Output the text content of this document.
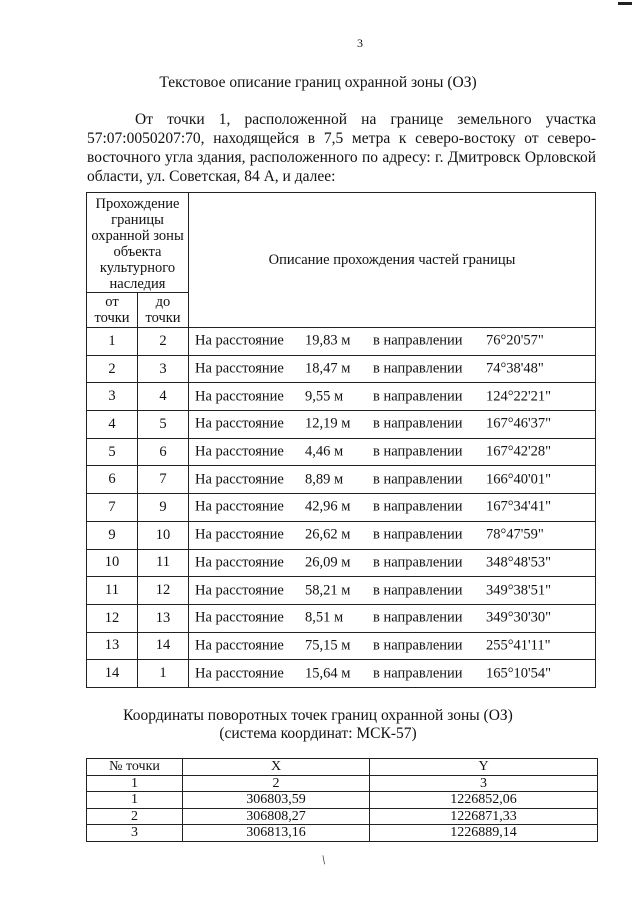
3
Текстовое описание границ охранной зоны (ОЗ)
От точки 1, расположенной на границе земельного участка 57:07:0050207:70, находящейся в 7,5 метра к северо-востоку от северо-восточного угла здания, расположенного по адресу: г. Дмитровск Орловской области, ул. Советская, 84 А, и далее:
Прохождение границы охранной зоны объекта культурного наследия		Описание прохождения частей границы
от точки	до точки	
1	2	На расстояние 19,83 м в направлении 76°20'57"

2	3	На расстояние 18,47 м в направлении 74°38'48"

3	4	На расстояние 9,55 м в направлении 124°22'21"

4	5	На расстояние 12,19 м в направлении 167°46'37"

5	6	На расстояние 4,46 м в направлении 167°42'28"

6	7	На расстояние 8,89 м в направлении 166°40'01"

7	9	На расстояние 42,96 м в направлении 167°34'41"

9	10	На расстояние 26,62 м в направлении 78°47'59"

10	11	На расстояние 26,09 м в направлении 348°48'53"

11	12	На расстояние 58,21 м в направлении 349°38'51"

12	13	На расстояние 8,51 м в направлении 349°30'30"

13	14	На расстояние 75,15 м в направлении 255°41'11"

14	1	На расстояние 15,64 м в направлении 165°10'54"
Координаты поворотных точек границ охранной зоны (ОЗ)
(система координат: МСК-57)
№ точки	X	Y
1	2	3
1	306803,59	1226852,06
2	306808,27	1226871,33
3	306813,16	1226889,14
/
